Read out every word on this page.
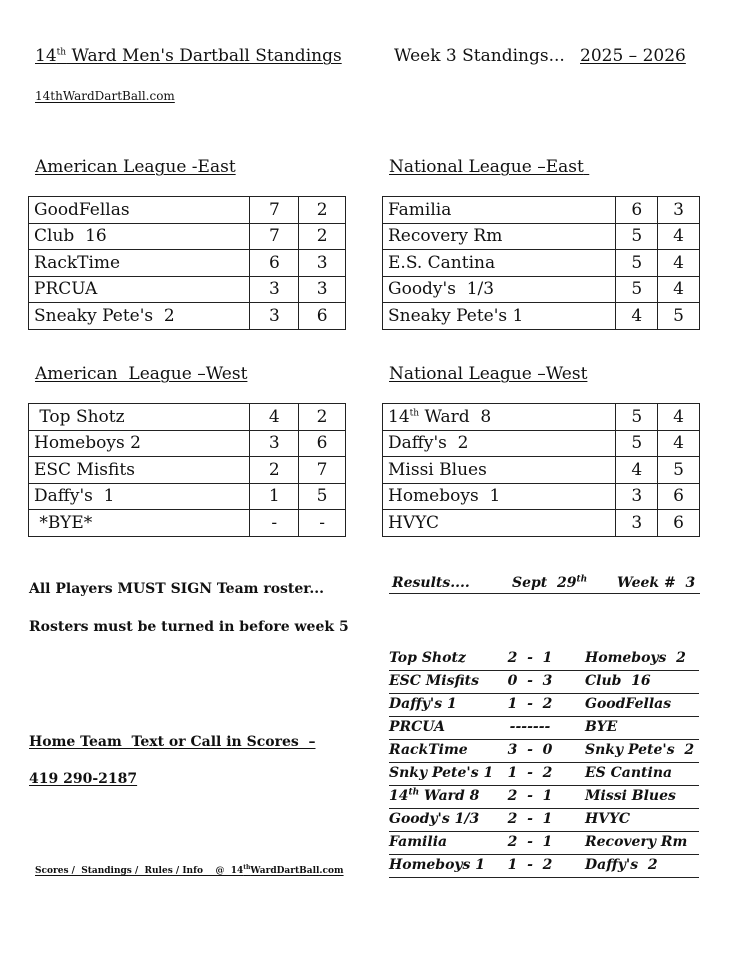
14th Ward Men's Dartball Standings	Week 3 Standings... 2025 – 2026
14thWardDartBall.com
American League -East
GoodFellas	7	2
Club  16	7	2
RackTime	6	3
PRCUA	3	3
Sneaky Pete's  2	3	6
National League –East
Familia	6	3
Recovery Rm	5	4
E.S. Cantina	5	4
Goody's  1/3	5	4
Sneaky Pete's 1	4	5
American  League –West
Top Shotz	4	2
Homeboys 2	3	6
ESC Misfits	2	7
Daffy's  1	1	5
*BYE*	-	-
National League –West
14th Ward  8	5	4
Daffy's  2	5	4
Missi Blues	4	5
Homeboys  1	3	6
HVYC	3	6
All Players MUST SIGN Team roster...
Rosters must be turned in before week 5
Home Team  Text or Call in Scores  –
419 290-2187
Results....	Sept  29th Week #  3
Top Shotz	2  -  1	Homeboys  2
ESC Misfits	0  -  3	Club  16
Daffy's 1	1  -  2	GoodFellas
PRCUA	-------	BYE
RackTime	3  -  0	Snky Pete's  2
Snky Pete's 1	1  -  2	ES Cantina
14th Ward 8	2  -  1	Missi Blues
Goody's 1/3	2  -  1	HVYC
Familia	2  -  1	Recovery Rm
Homeboys 1	1  -  2	Daffy's  2
Scores /  Standings /  Rules / Info    @  14thWardDartBall.com
